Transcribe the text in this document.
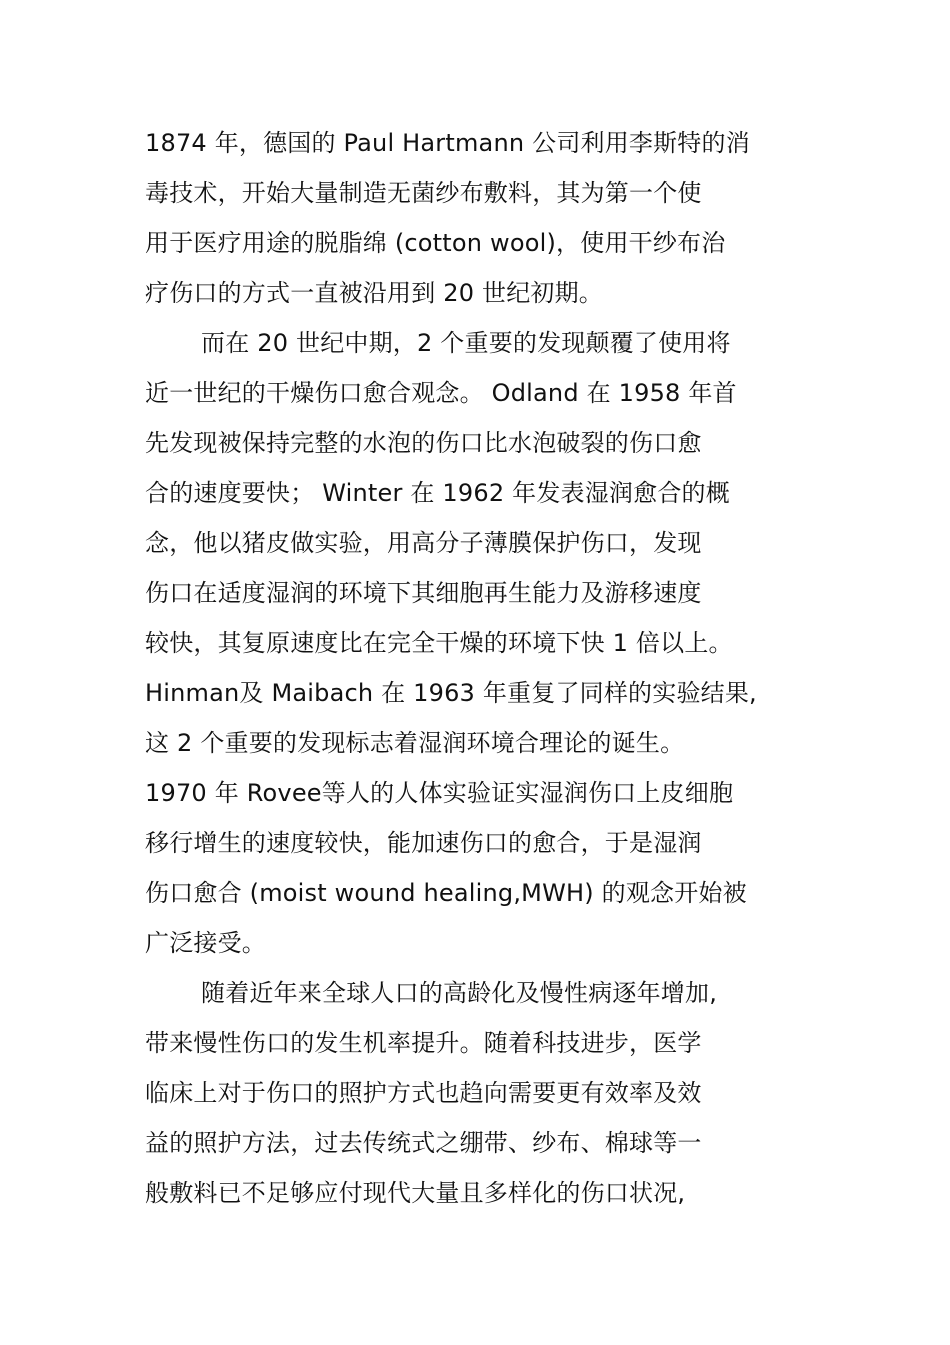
1874 年，德国的 Paul Hartmann 公司利用李斯特的消
毒技术，开始大量制造无菌纱布敷料，其为第一个使
用于医疗用途的脱脂绵 (cotton wool)，使用干纱布治
疗伤口的方式一直被沿用到 20 世纪初期。
而在 20 世纪中期，2 个重要的发现颠覆了使用将
近一世纪的干燥伤口愈合观念。 Odland 在 1958 年首
先发现被保持完整的水泡的伤口比水泡破裂的伤口愈
合的速度要快； Winter 在 1962 年发表湿润愈合的概
念，他以猪皮做实验，用高分子薄膜保护伤口，发现
伤口在适度湿润的环境下其细胞再生能力及游移速度
较快，其复原速度比在完全干燥的环境下快 1 倍以上。
Hinman及 Maibach 在 1963 年重复了同样的实验结果,
这 2 个重要的发现标志着湿润环境合理论的诞生。
1970 年 Rovee等人的人体实验证实湿润伤口上皮细胞
移行增生的速度较快，能加速伤口的愈合，于是湿润
伤口愈合 (moist wound healing,MWH) 的观念开始被
广泛接受。
随着近年来全球人口的高龄化及慢性病逐年增加,
带来慢性伤口的发生机率提升。随着科技进步，医学
临床上对于伤口的照护方式也趋向需要更有效率及效
益的照护方法，过去传统式之绷带、纱布、棉球等一
般敷料已不足够应付现代大量且多样化的伤口状况,
